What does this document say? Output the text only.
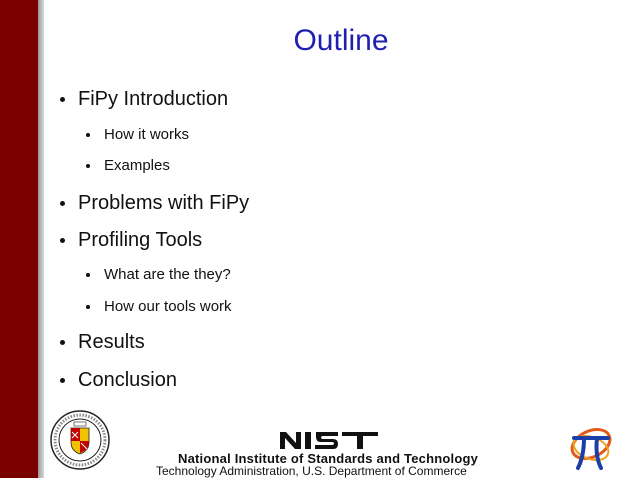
Outline
FiPy Introduction
How it works
Examples
Problems with FiPy
Profiling Tools
What are the they?
How our tools work
Results
Conclusion
National Institute of Standards and Technology
Technology Administration, U.S. Department of Commerce
